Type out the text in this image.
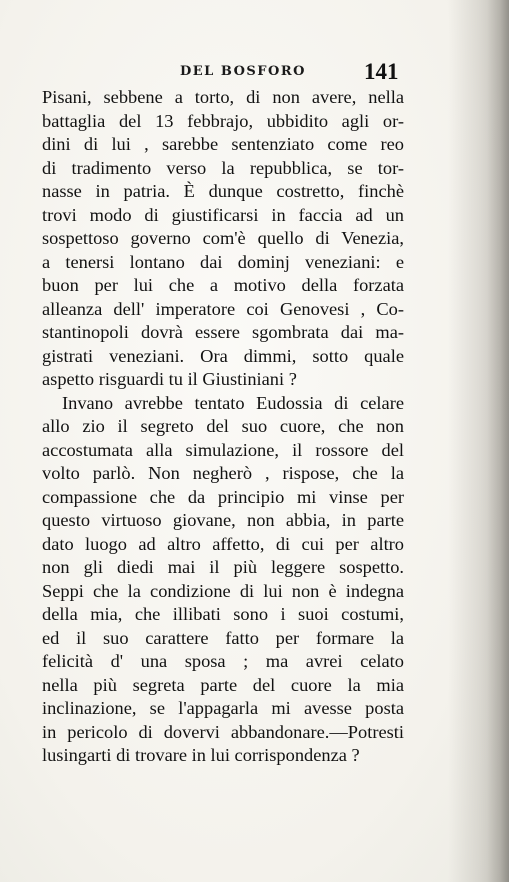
DEL BOSFORO	141
Pisani, sebbene a torto, di non avere, nella
battaglia del 13 febbrajo, ubbidito agli or-
dini di lui , sarebbe sentenziato come reo
di tradimento verso la repubblica, se tor-
nasse in patria. È dunque costretto, finchè
trovi modo di giustificarsi in faccia ad un
sospettoso governo com'è quello di Venezia,
a tenersi lontano dai dominj veneziani: e
buon per lui che a motivo della forzata
alleanza dell' imperatore coi Genovesi , Co-
stantinopoli dovrà essere sgombrata dai ma-
gistrati veneziani. Ora dimmi, sotto quale
aspetto risguardi tu il Giustiniani ?
Invano avrebbe tentato Eudossia di celare
allo zio il segreto del suo cuore, che non
accostumata alla simulazione, il rossore del
volto parlò. Non negherò , rispose, che la
compassione che da principio mi vinse per
questo virtuoso giovane, non abbia, in parte
dato luogo ad altro affetto, di cui per altro
non gli diedi mai il più leggere sospetto.
Seppi che la condizione di lui non è indegna
della mia, che illibati sono i suoi costumi,
ed il suo carattere fatto per formare la
felicità d' una sposa ; ma avrei celato
nella più segreta parte del cuore la mia
inclinazione, se l'appagarla mi avesse posta
in pericolo di dovervi abbandonare.—Potresti
lusingarti di trovare in lui corrispondenza ?
